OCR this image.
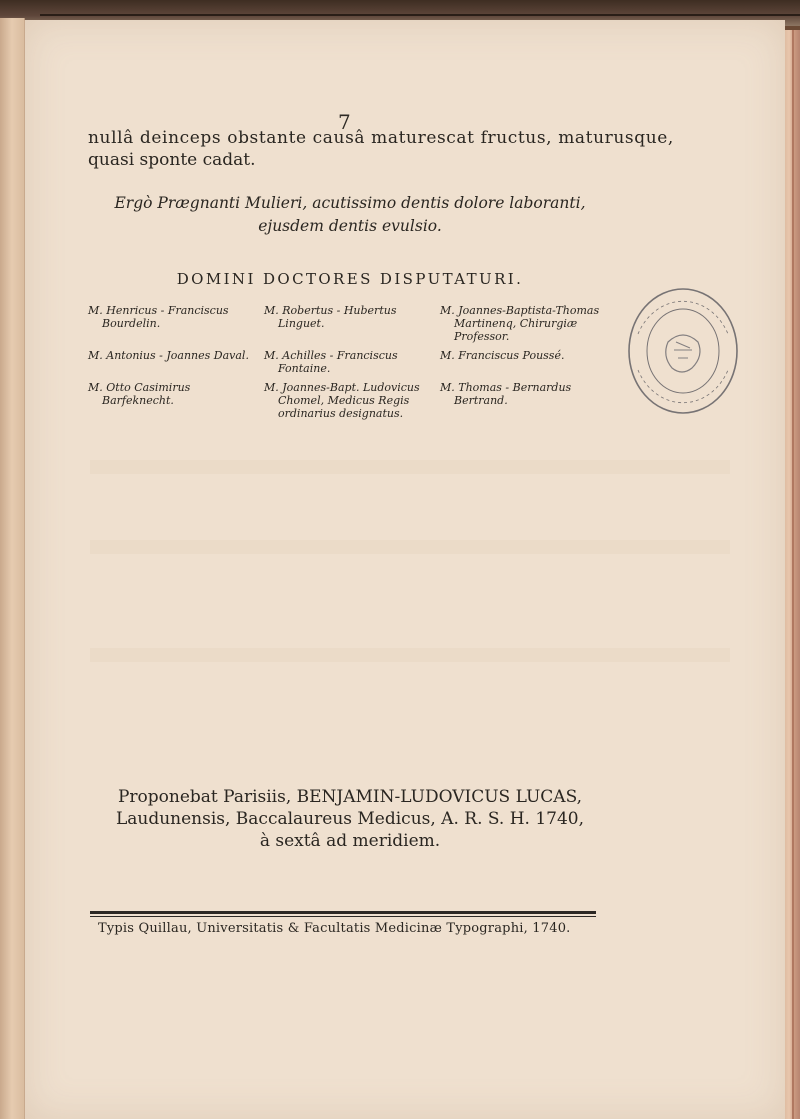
7
nullâ deinceps obstante causâ maturescat fructus, maturusque,
quasi sponte cadat.
Ergò Prægnanti Mulieri, acutissimo dentis dolore laboranti,
ejusdem dentis evulsio.
DOMINI DOCTORES DISPUTATURI.
M. Henricus - Franciscus Bourdelin.
M. Robertus - Hubertus Linguet.
M. Joannes-Baptista-Thomas Martinenq, Chirurgiæ Professor.
M. Antonius - Joannes Daval.	M. Achilles - Franciscus Fontaine.
M. Franciscus Poussé.
M. Otto Casimirus Barfeknecht.
M. Joannes-Bapt. Ludovicus Chomel, Medicus Regis ordinarius designatus.
M. Thomas - Bernardus Bertrand.
Proponebat Parisiis, BENJAMIN-LUDOVICUS LUCAS,
Laudunensis, Baccalaureus Medicus, A. R. S. H. 1740,
à sextâ ad meridiem.
Typis Quillau, Universitatis & Facultatis Medicinæ Typographi, 1740.
